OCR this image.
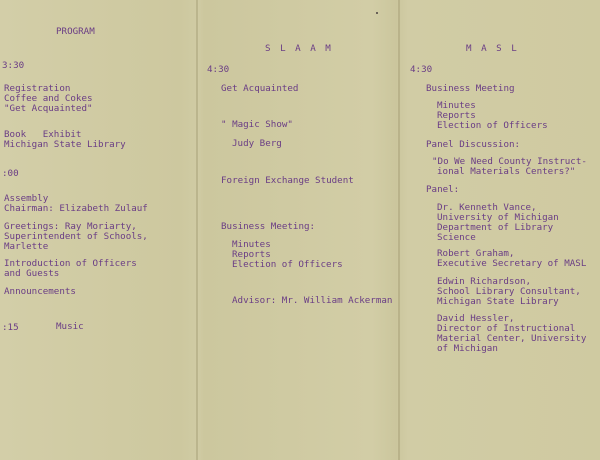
PROGRAM
3:30
Registration
Coffee and Cokes
"Get Acquainted"
Book   Exhibit
Michigan State Library
:00
Assembly
Chairman: Elizabeth Zulauf
Greetings: Ray Moriarty,
Superintendent of Schools,
Marlette
Introduction of Officers
and Guests
Announcements
:15	Music
S L A A M
4:30
Get Acquainted
" Magic Show"
Judy Berg
Foreign Exchange Student
Business Meeting:
Minutes
Reports
Election of Officers
Advisor: Mr. William Ackerman
M A S L
4:30
Business Meeting
Minutes
Reports
Election of Officers
Panel Discussion:
"Do We Need County Instruct-
ional Materials Centers?"
Panel:
Dr. Kenneth Vance,
University of Michigan
Department of Library
Science
Robert Graham,
Executive Secretary of MASL
Edwin Richardson,
School Library Consultant,
Michigan State Library
David Hessler,
Director of Instructional
Material Center, University
of Michigan
